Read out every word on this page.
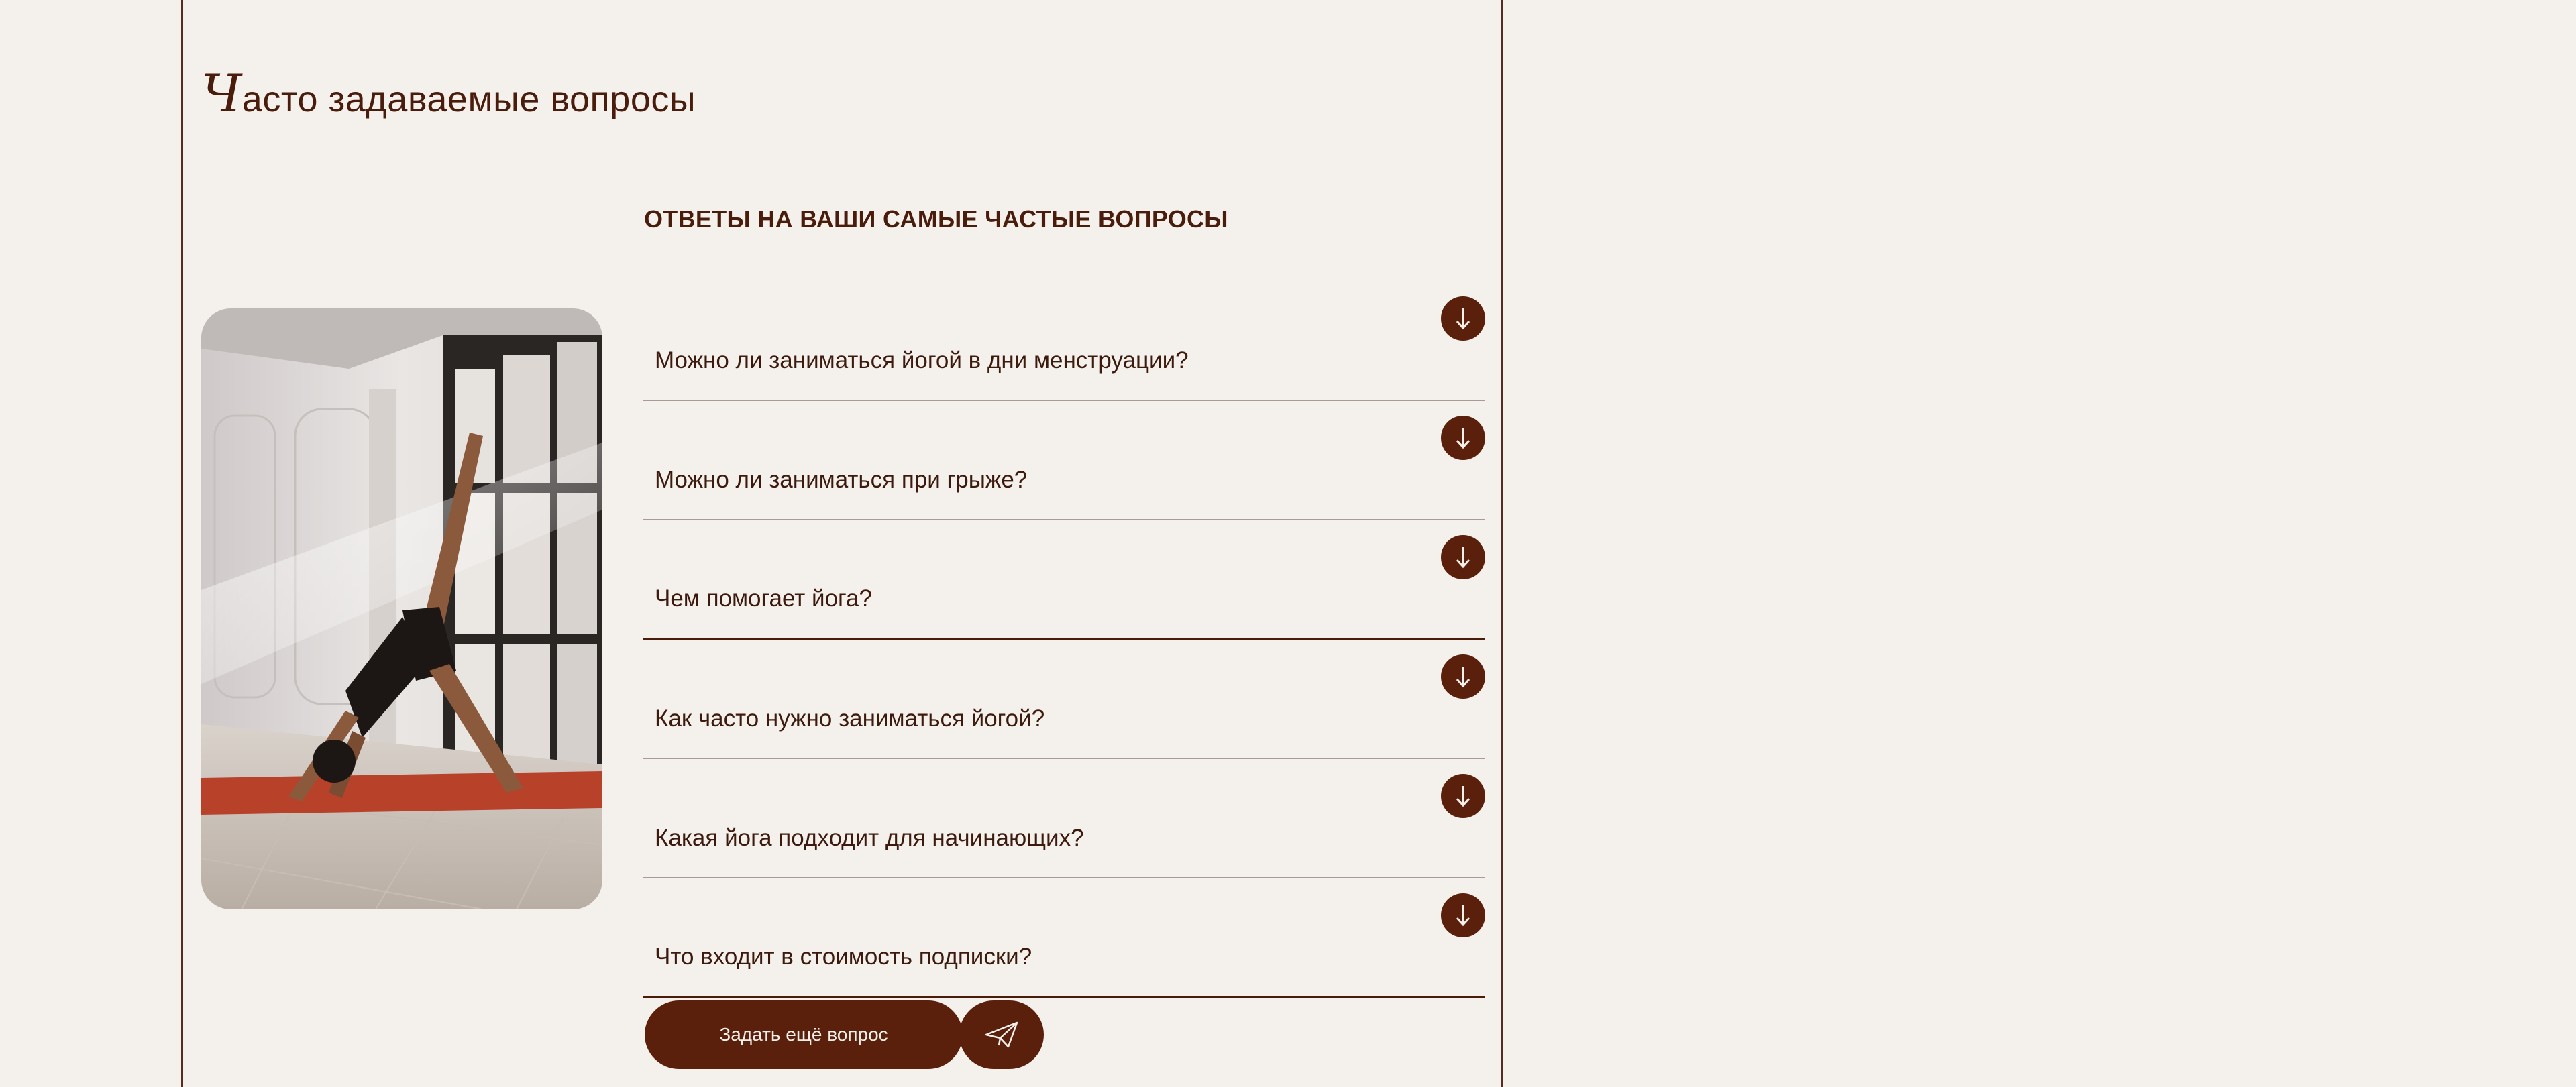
Часто задаваемые вопросы
ОТВЕТЫ НА ВАШИ САМЫЕ ЧАСТЫЕ ВОПРОСЫ
Можно ли заниматься йогой в дни менструации?
Можно ли заниматься при грыже?
Чем помогает йога?
Как часто нужно заниматься йогой?
Какая йога подходит для начинающих?
Что входит в стоимость подписки?
Задать ещё вопрос
